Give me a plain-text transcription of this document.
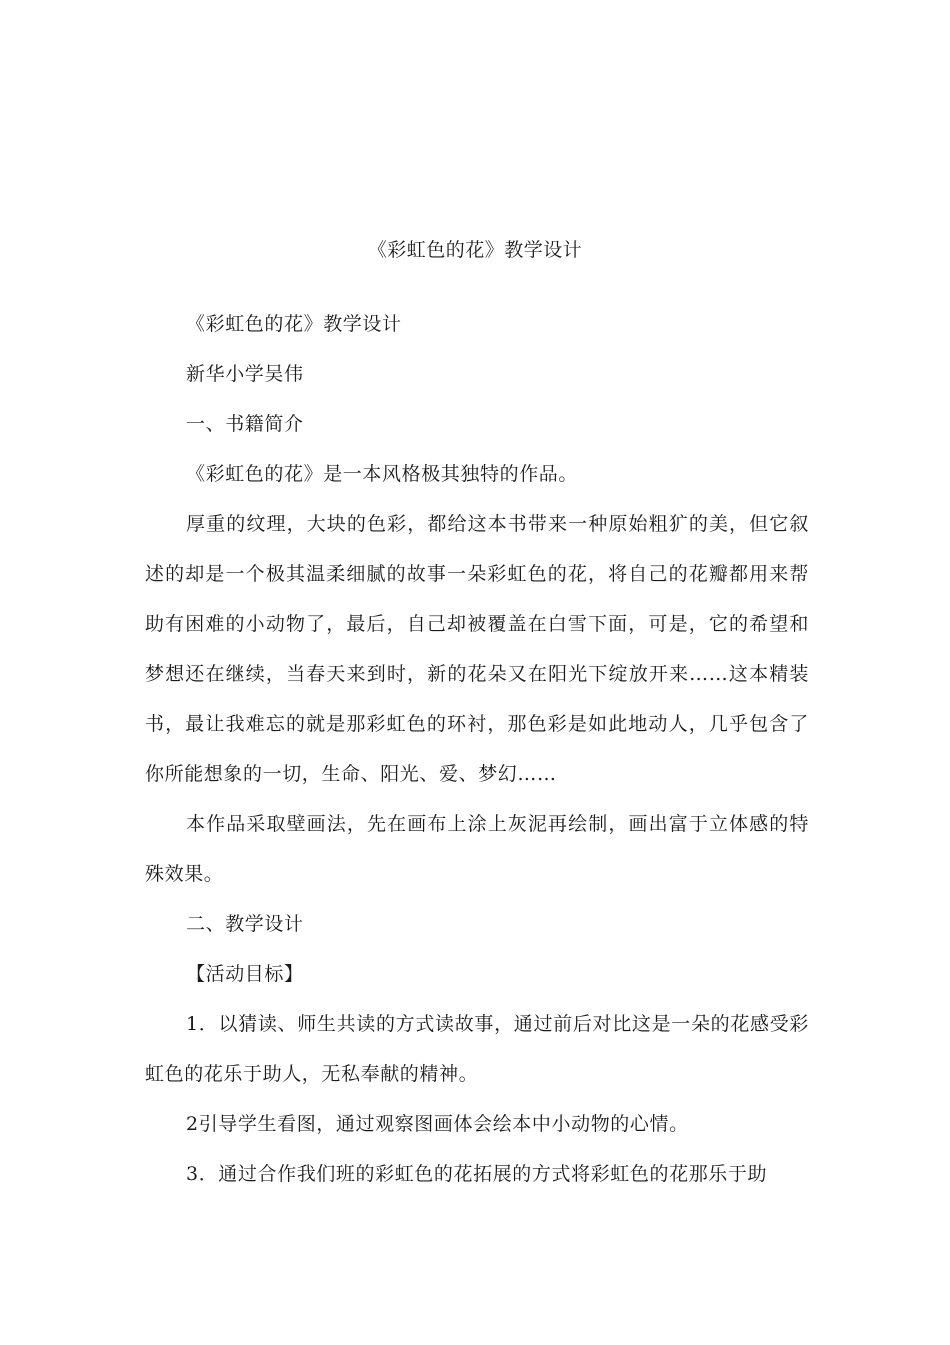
《彩虹色的花》教学设计

《彩虹色的花》教学设计

新华小学吴伟

一、书籍简介

《彩虹色的花》是一本风格极其独特的作品。

厚重的纹理，大块的色彩，都给这本书带来一种原始粗犷的美，但它叙述的却是一个极其温柔细腻的故事一朵彩虹色的花，将自己的花瓣都用来帮助有困难的小动物了，最后，自己却被覆盖在白雪下面，可是，它的希望和梦想还在继续，当春天来到时，新的花朵又在阳光下绽放开来……这本精装书，最让我难忘的就是那彩虹色的环衬，那色彩是如此地动人，几乎包含了你所能想象的一切，生命、阳光、爱、梦幻……

本作品采取壁画法，先在画布上涂上灰泥再绘制，画出富于立体感的特殊效果。

二、教学设计

【活动目标】

1．以猜读、师生共读的方式读故事，通过前后对比这是一朵的花感受彩虹色的花乐于助人，无私奉献的精神。

2引导学生看图，通过观察图画体会绘本中小动物的心情。

3．通过合作我们班的彩虹色的花拓展的方式将彩虹色的花那乐于助
